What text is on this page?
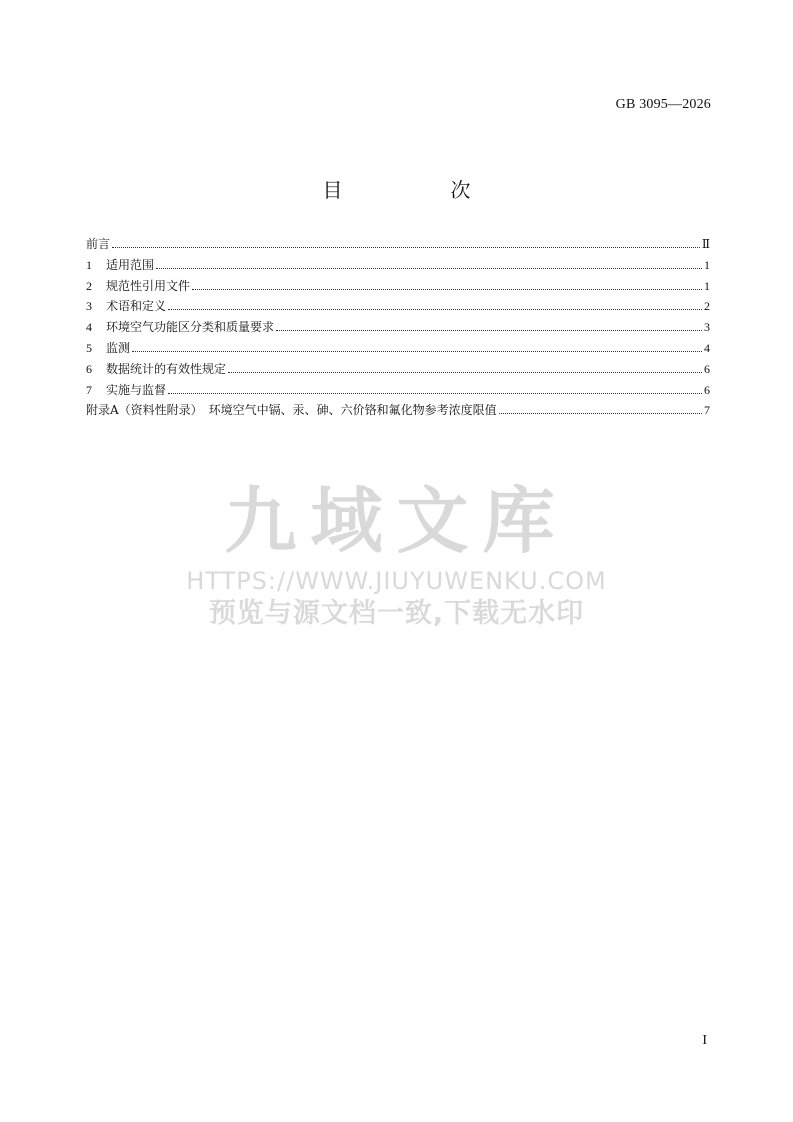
GB 3095—2026
目　次
前言	Ⅱ
1	适用范围	1
2	规范性引用文件	1
3	术语和定义	2
4	环境空气功能区分类和质量要求	3
5	监测	4
6	数据统计的有效性规定	6
7	实施与监督	6
附录A（资料性附录）　环境空气中镉、汞、砷、六价铬和氟化物参考浓度限值	7
九域文库
HTTPS://WWW.JIUYUWENKU.COM
预览与源文档一致,下载无水印
I
